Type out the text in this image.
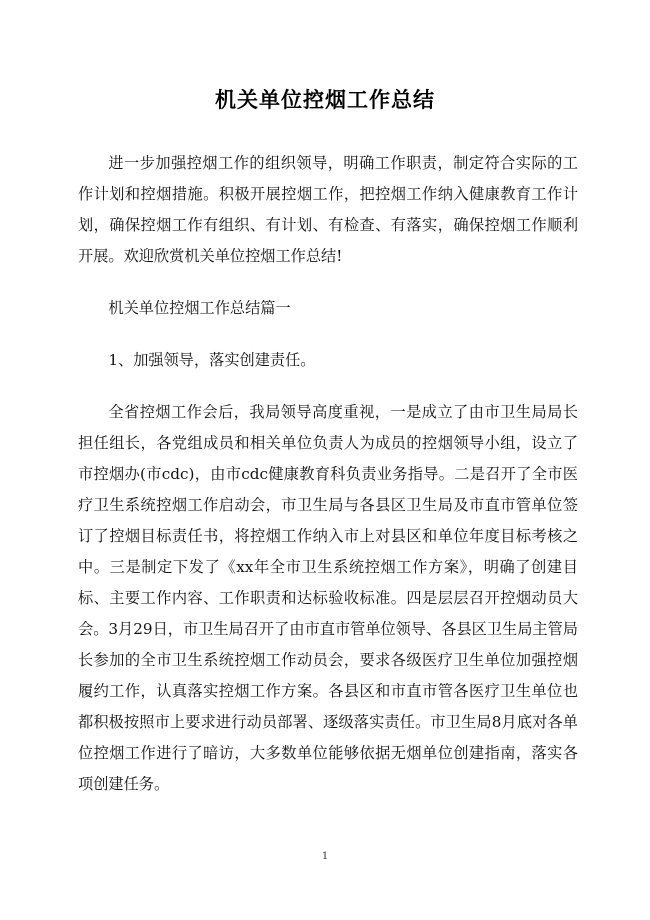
机关单位控烟工作总结

进一步加强控烟工作的组织领导，明确工作职责，制定符合实际的工作计划和控烟措施。积极开展控烟工作，把控烟工作纳入健康教育工作计划，确保控烟工作有组织、有计划、有检查、有落实，确保控烟工作顺利开展。欢迎欣赏机关单位控烟工作总结!

机关单位控烟工作总结篇一

1、加强领导，落实创建责任。

全省控烟工作会后，我局领导高度重视，一是成立了由市卫生局局长担任组长，各党组成员和相关单位负责人为成员的控烟领导小组，设立了市控烟办(市cdc)，由市cdc健康教育科负责业务指导。二是召开了全市医疗卫生系统控烟工作启动会，市卫生局与各县区卫生局及市直市管单位签订了控烟目标责任书，将控烟工作纳入市上对县区和单位年度目标考核之中。三是制定下发了《xx年全市卫生系统控烟工作方案》，明确了创建目标、主要工作内容、工作职责和达标验收标准。四是层层召开控烟动员大会。3月29日，市卫生局召开了由市直市管单位领导、各县区卫生局主管局长参加的全市卫生系统控烟工作动员会，要求各级医疗卫生单位加强控烟履约工作，认真落实控烟工作方案。各县区和市直市管各医疗卫生单位也都积极按照市上要求进行动员部署、逐级落实责任。市卫生局8月底对各单位控烟工作进行了暗访，大多数单位能够依据无烟单位创建指南，落实各项创建任务。

1
